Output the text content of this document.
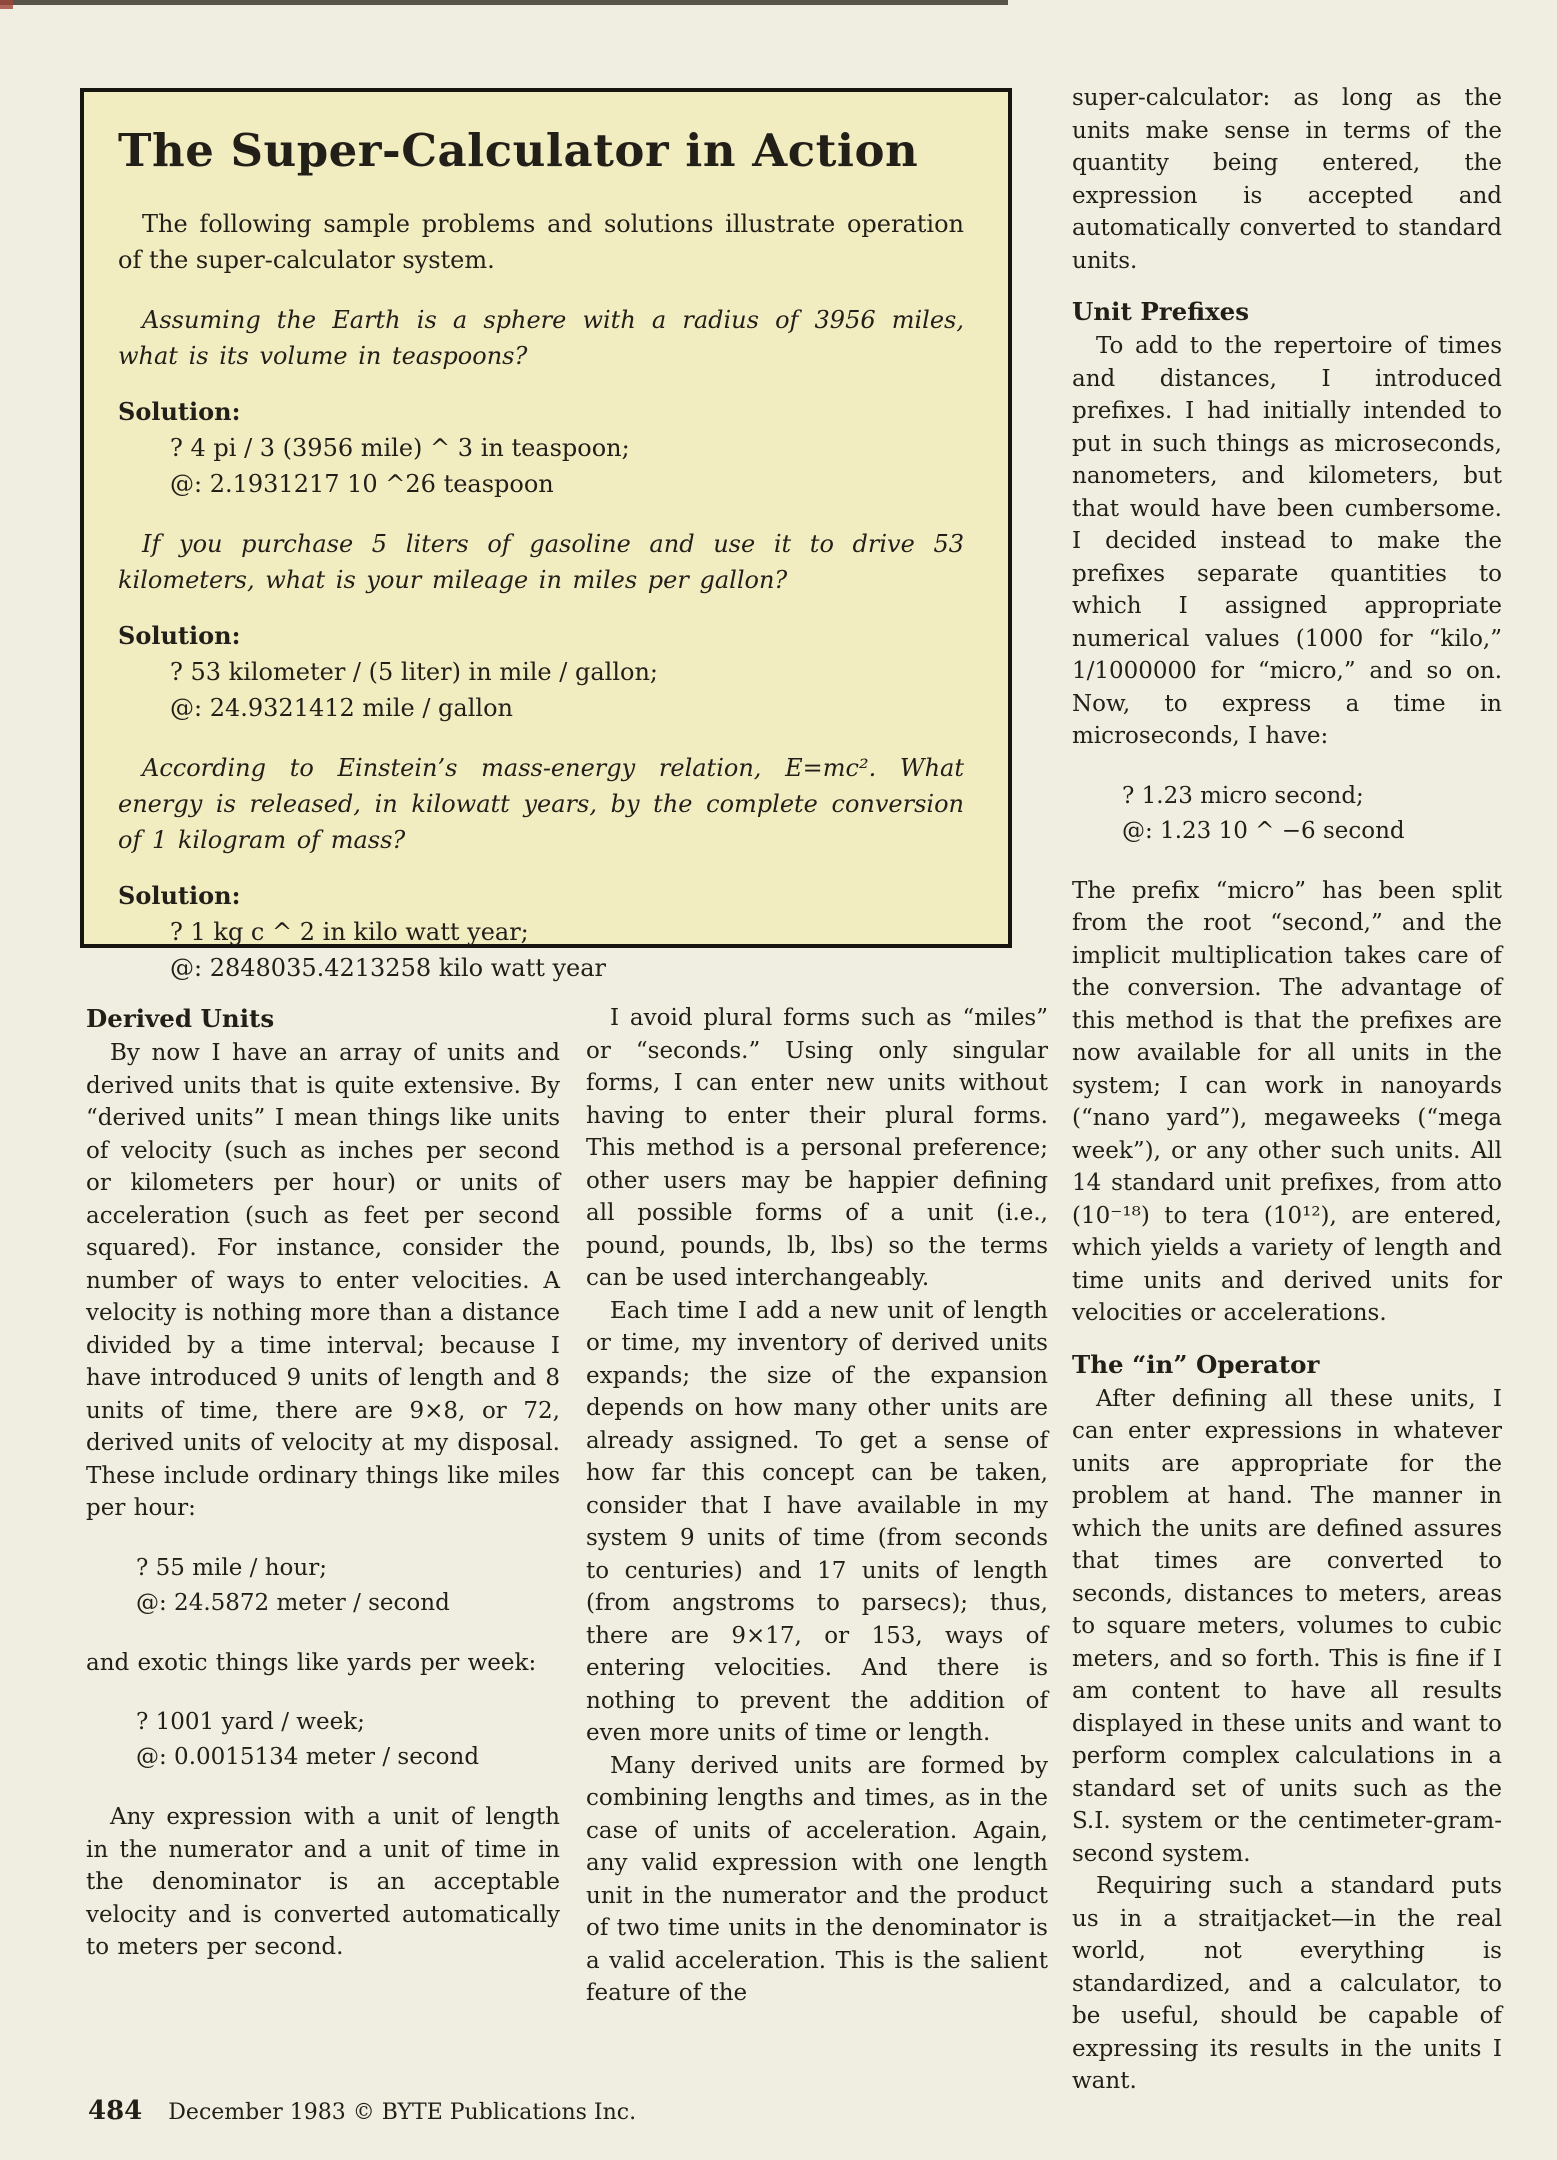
The Super-Calculator in Action

The following sample problems and solutions illustrate operation of the super-calculator system.

Assuming the Earth is a sphere with a radius of 3956 miles, what is its volume in teaspoons?

Solution:
? 4 pi / 3 (3956 mile) ^ 3 in teaspoon;
@: 2.1931217 10 ^26 teaspoon

If you purchase 5 liters of gasoline and use it to drive 53 kilometers, what is your mileage in miles per gallon?

Solution:
? 53 kilometer / (5 liter) in mile / gallon;
@: 24.9321412 mile / gallon

According to Einstein’s mass-energy relation, E=mc². What energy is released, in kilowatt years, by the complete conversion of 1 kilogram of mass?

Solution:
? 1 kg c ^ 2 in kilo watt year;
@: 2848035.4213258 kilo watt year
Derived Units

By now I have an array of units and derived units that is quite extensive. By “derived units” I mean things like units of velocity (such as inches per second or kilometers per hour) or units of acceleration (such as feet per second squared). For instance, consider the number of ways to enter velocities. A velocity is nothing more than a distance divided by a time interval; because I have introduced 9 units of length and 8 units of time, there are 9×8, or 72, derived units of velocity at my disposal. These include ordinary things like miles per hour:

? 55 mile / hour;
@: 24.5872 meter / second

and exotic things like yards per week:

? 1001 yard / week;
@: 0.0015134 meter / second

Any expression with a unit of length in the numerator and a unit of time in the denominator is an acceptable velocity and is converted automatically to meters per second.

I avoid plural forms such as “miles” or “seconds.” Using only singular forms, I can enter new units without having to enter their plural forms. This method is a personal preference; other users may be happier defining all possible forms of a unit (i.e., pound, pounds, lb, lbs) so the terms can be used interchangeably.

Each time I add a new unit of length or time, my inventory of derived units expands; the size of the expansion depends on how many other units are already assigned. To get a sense of how far this concept can be taken, consider that I have available in my system 9 units of time (from seconds to centuries) and 17 units of length (from angstroms to parsecs); thus, there are 9×17, or 153, ways of entering velocities. And there is nothing to prevent the addition of even more units of time or length.

Many derived units are formed by combining lengths and times, as in the case of units of acceleration. Again, any valid expression with one length unit in the numerator and the product of two time units in the denominator is a valid acceleration. This is the salient feature of the

super-calculator: as long as the units make sense in terms of the quantity being entered, the expression is accepted and automatically converted to standard units.

Unit Prefixes

To add to the repertoire of times and distances, I introduced prefixes. I had initially intended to put in such things as microseconds, nanometers, and kilometers, but that would have been cumbersome. I decided instead to make the prefixes separate quantities to which I assigned appropriate numerical values (1000 for “kilo,” 1/1000000 for “micro,” and so on. Now, to express a time in microseconds, I have:

? 1.23 micro second;
@: 1.23 10 ^ −6 second

The prefix “micro” has been split from the root “second,” and the implicit multiplication takes care of the conversion. The advantage of this method is that the prefixes are now available for all units in the system; I can work in nanoyards (“nano yard”), megaweeks (“mega week”), or any other such units. All 14 standard unit prefixes, from atto (10⁻¹⁸) to tera (10¹²), are entered, which yields a variety of length and time units and derived units for velocities or accelerations.

The “in” Operator

After defining all these units, I can enter expressions in whatever units are appropriate for the problem at hand. The manner in which the units are defined assures that times are converted to seconds, distances to meters, areas to square meters, volumes to cubic meters, and so forth. This is fine if I am content to have all results displayed in these units and want to perform complex calculations in a standard set of units such as the S.I. system or the centimeter-gram-second system.

Requiring such a standard puts us in a straitjacket—in the real world, not everything is standardized, and a calculator, to be useful, should be capable of expressing its results in the units I want.

484 December 1983 © BYTE Publications Inc.
